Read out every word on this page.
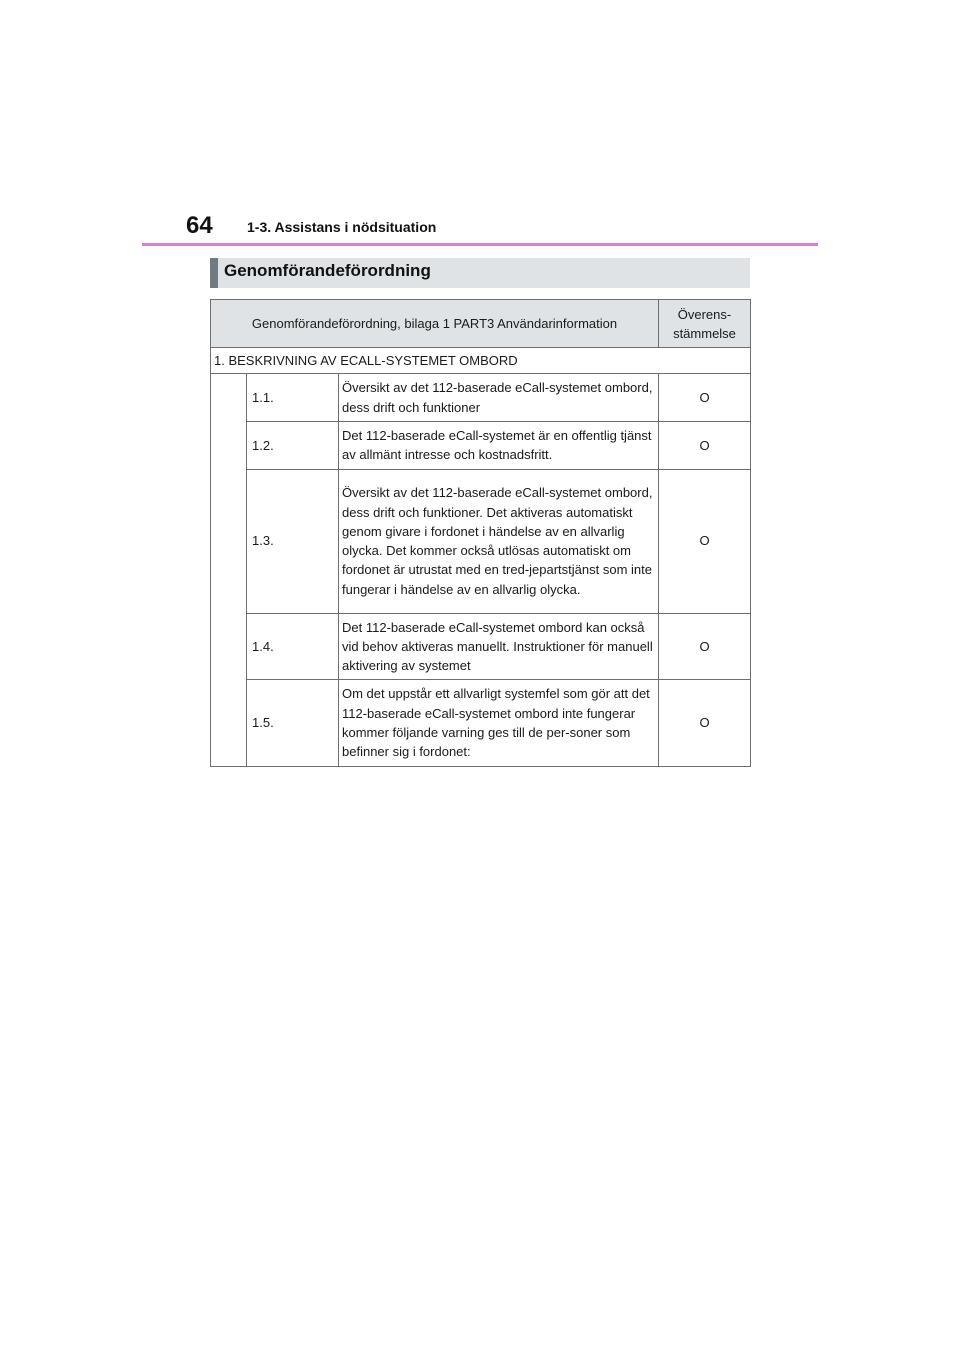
64 1-3. Assistans i nödsituation
Genomförandeförordning
Genomförandeförordning, bilaga 1 PART3 Användarinformation			Överens-
stämmelse
1. BESKRIVNING AV ECALL-SYSTEMET OMBORD			
	1.1.	Översikt av det 112-baserade eCall-systemet ombord, dess drift och funktioner	O
	1.2.	Det 112-baserade eCall-systemet är en offentlig tjänst av allmänt intresse och kostnadsfritt.	O
	1.3.	Översikt av det 112-baserade eCall-systemet ombord, dess drift och funktioner. Det aktiveras automatiskt genom givare i fordonet i händelse av en allvarlig olycka. Det kommer också utlösas automatiskt om fordonet är utrustat med en tred-jepartstjänst som inte fungerar i händelse av en allvarlig olycka.	O
	1.4.	Det 112-baserade eCall-systemet ombord kan också vid behov aktiveras manuellt. Instruktioner för manuell aktivering av systemet	O
	1.5.	Om det uppstår ett allvarligt systemfel som gör att det 112-baserade eCall-systemet ombord inte fungerar kommer följande varning ges till de per-soner som befinner sig i fordonet:	O
